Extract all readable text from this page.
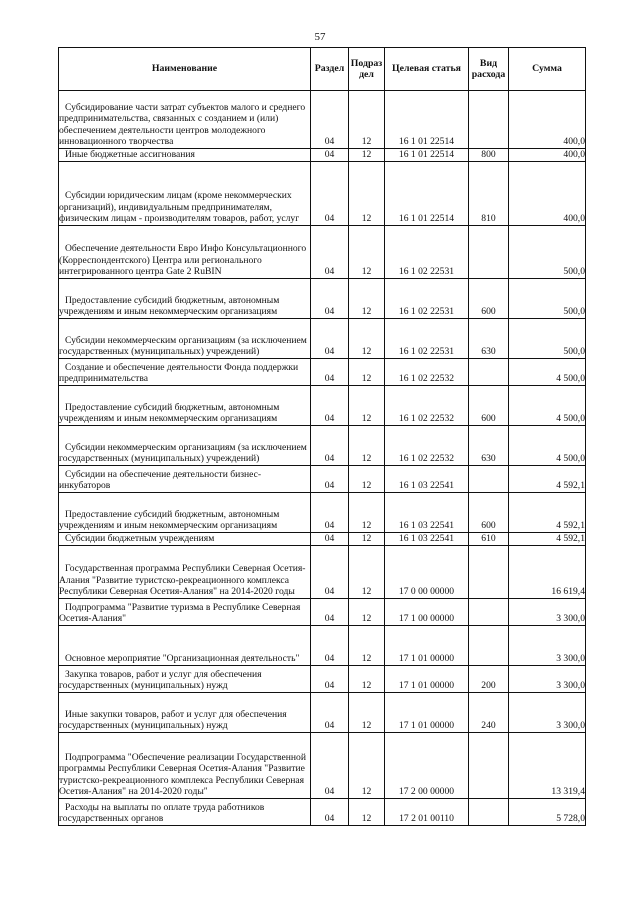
57
Наименование	Раздел	Подраз дел	Целевая статья	Вид расхода	Сумма
Субсидирование части затрат субъектов малого и среднего предпринимательства, связанных с созданием и (или) обеспечением деятельности центров молодежного инновационного творчества	04	12	16 1 01 22514		400,0
Иные бюджетные ассигнования	04	12	16 1 01 22514	800	400,0
Субсидии юридическим лицам (кроме некоммерческих организаций), индивидуальным предпринимателям, физическим лицам - производителям товаров, работ, услуг	04	12	16 1 01 22514	810	400,0
Обеспечение деятельности Евро Инфо Консультационного (Корреспондентского) Центра или регионального интегрированного центра Gate 2 RuBIN	04	12	16 1 02 22531		500,0
Предоставление субсидий бюджетным, автономным учреждениям и иным некоммерческим организациям	04	12	16 1 02 22531	600	500,0
Субсидии некоммерческим организациям (за исключением государственных (муниципальных) учреждений)	04	12	16 1 02 22531	630	500,0
Создание и обеспечение деятельности Фонда поддержки предпринимательства	04	12	16 1 02 22532		4 500,0
Предоставление субсидий бюджетным, автономным учреждениям и иным некоммерческим организациям	04	12	16 1 02 22532	600	4 500,0
Субсидии некоммерческим организациям (за исключением государственных (муниципальных) учреждений)	04	12	16 1 02 22532	630	4 500,0
Субсидии на обеспечение деятельности бизнес-инкубаторов	04	12	16 1 03 22541		4 592,1
Предоставление субсидий бюджетным, автономным учреждениям и иным некоммерческим организациям	04	12	16 1 03 22541	600	4 592,1
Субсидии бюджетным учреждениям	04	12	16 1 03 22541	610	4 592,1
Государственная программа Республики Северная Осетия-Алания "Развитие туристско-рекреационного комплекса Республики Северная Осетия-Алания" на 2014-2020 годы	04	12	17 0 00 00000		16 619,4
Подпрограмма "Развитие туризма в Республике Северная Осетия-Алания"	04	12	17 1 00 00000		3 300,0
Основное мероприятие "Организационная деятельность"	04	12	17 1 01 00000		3 300,0
Закупка товаров, работ и услуг для обеспечения государственных (муниципальных) нужд	04	12	17 1 01 00000	200	3 300,0
Иные закупки товаров, работ и услуг для обеспечения государственных (муниципальных) нужд	04	12	17 1 01 00000	240	3 300,0
Подпрограмма "Обеспечение реализации Государственной программы Республики Северная Осетия-Алания "Развитие туристско-рекреационного комплекса Республики Северная Осетия-Алания" на 2014-2020 годы"	04	12	17 2 00 00000		13 319,4
Расходы на выплаты по оплате труда работников государственных органов	04	12	17 2 01 00110		5 728,0
